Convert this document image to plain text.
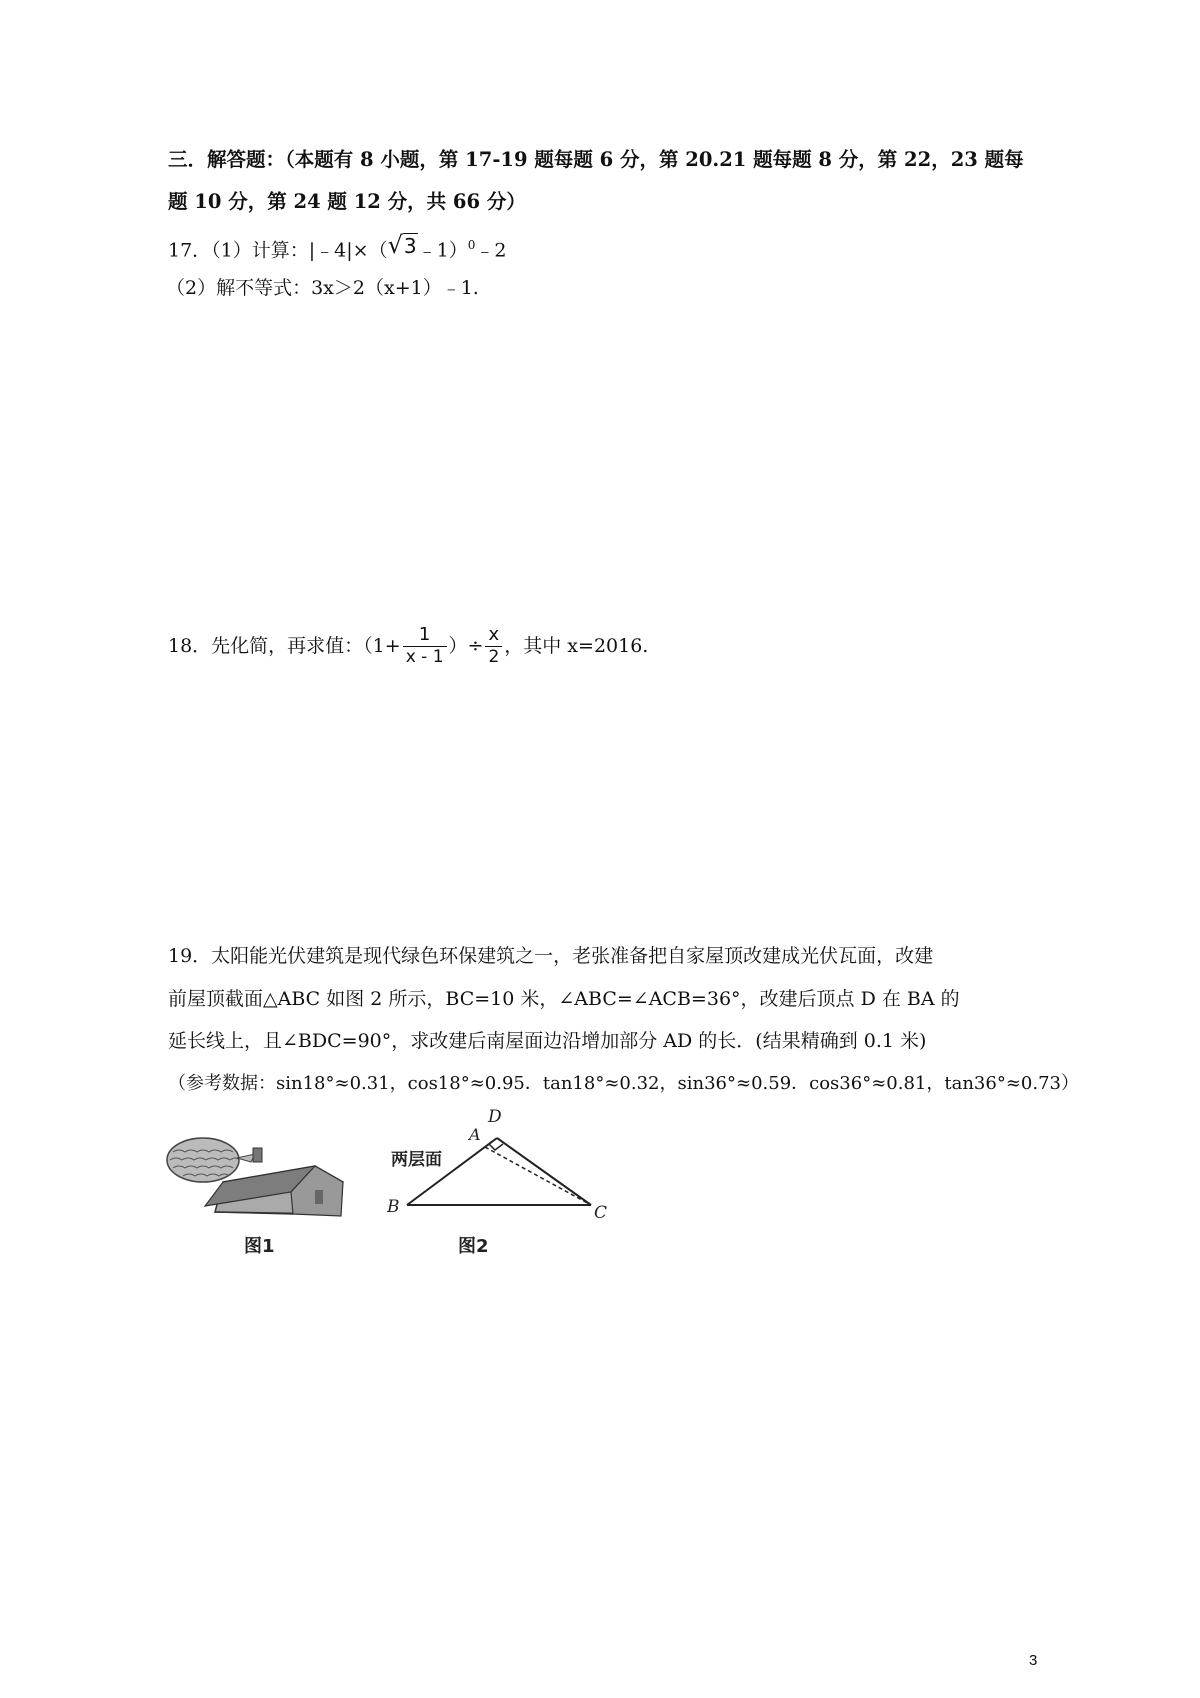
三．解答题：（本题有 8 小题，第 17-19 题每题 6 分，第 20.21 题每题 8 分，第 22，23 题每
题 10 分，第 24 题 12 分，共 66 分）
17．（1）计算：|﹣4|×（√3﹣1）$^0$﹣2
（2）解不等式：3x＞2（x+1）﹣1.
18．先化简，再求值：（$1+ \frac{1}{x - 1}$ ）÷ $\frac{x}{2}$ ，其中 x=2016.
19．太阳能光伏建筑是现代绿色环保建筑之一，老张准备把自家屋顶改建成光伏瓦面，改建
前屋顶截面△ABC 如图 2 所示，BC=10 米，∠ABC=∠ACB=36°，改建后顶点 D 在 BA 的
延长线上，且∠BDC=90°，求改建后南屋面边沿增加部分 AD 的长．(结果精确到 0.1 米)
（参考数据：sin18°≈0.31，cos18°≈0.95．tan18°≈0.32，sin36°≈0.59．cos36°≈0.81，tan36°≈0.73）
图1
B	C
A
D
两层面
图2
3
